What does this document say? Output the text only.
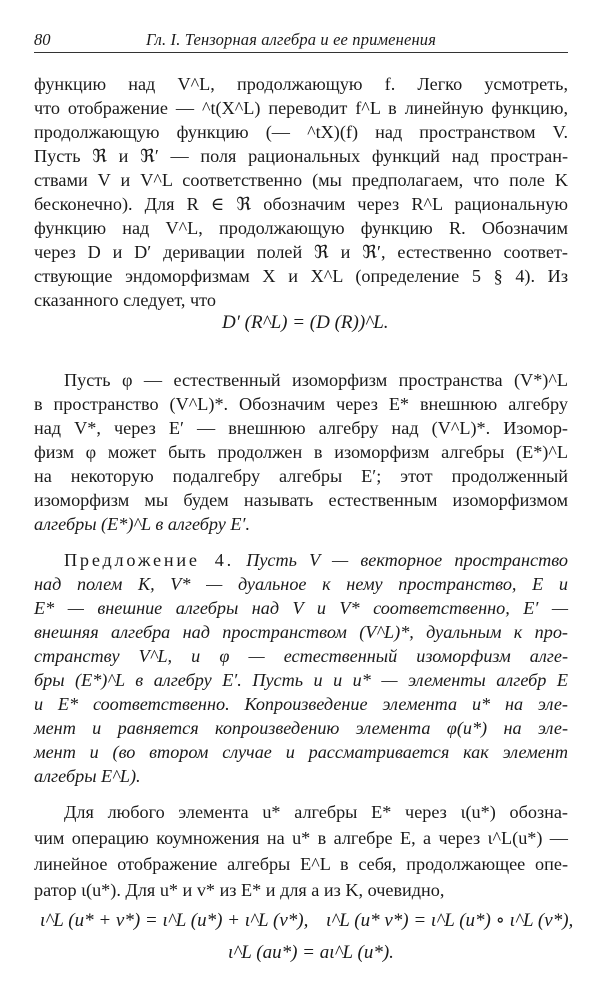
80	Гл. I. Тензорная алгебра и ее применения
функцию над V^L, продолжающую f. Легко усмотреть,
что отображение — ^t(X^L) переводит f^L в линейную функцию,
продолжающую функцию (— ^tX)(f) над пространством V.
Пусть ℜ и ℜ′ — поля рациональных функций над простран-
ствами V и V^L соответственно (мы предполагаем, что поле K
бесконечно). Для R ∈ ℜ обозначим через R^L рациональную
функцию над V^L, продолжающую функцию R. Обозначим
через D и D′ деривации полей ℜ и ℜ′, естественно соответ-
ствующие эндоморфизмам X и X^L (определение 5 § 4). Из
сказанного следует, что
D′ (R^L) = (D (R))^L.
Пусть φ — естественный изоморфизм пространства (V*)^L
в пространство (V^L)*. Обозначим через E* внешнюю алгебру
над V*, через E′ — внешнюю алгебру над (V^L)*. Изомор-
физм φ может быть продолжен в изоморфизм алгебры (E*)^L
на некоторую подалгебру алгебры E′; этот продолженный
изоморфизм мы будем называть естественным изоморфизмом
алгебры (E*)^L в алгебру E′.
Предложение 4. Пусть V — векторное пространство
над полем K, V* — дуальное к нему пространство, E и
E* — внешние алгебры над V и V* соответственно, E′ —
внешняя алгебра над пространством (V^L)*, дуальным к про-
странству V^L, и φ — естественный изоморфизм алге-
бры (E*)^L в алгебру E′. Пусть u и u* — элементы алгебр E
и E* соответственно. Копроизведение элемента u* на эле-
мент u равняется копроизведению элемента φ(u*) на эле-
мент u (во втором случае u рассматривается как элемент
алгебры E^L).
Для любого элемента u* алгебры E* через ι(u*) обозна-
чим операцию коумножения на u* в алгебре E, а через ι^L(u*) —
линейное отображение алгебры E^L в себя, продолжающее опе-
ратор ι(u*). Для u* и v* из E* и для a из K, очевидно,
ι^L (u* + v*) = ι^L (u*) + ι^L (v*), ι^L (u* v*) = ι^L (u*) ∘ ι^L (v*),
ι^L (au*) = aι^L (u*).
